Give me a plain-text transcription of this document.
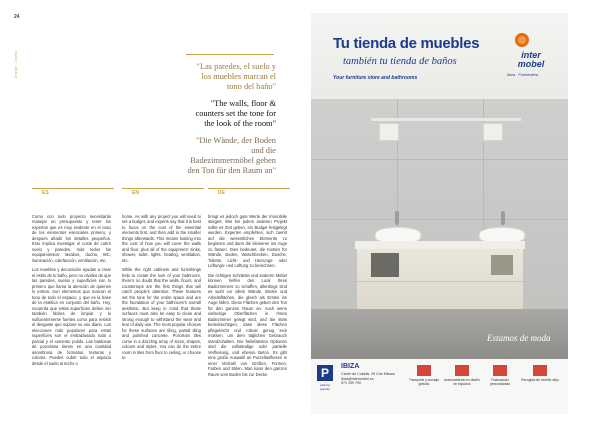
24
Design · Diseño	"Las paredes, el suelo y los muebles marcan el tono del baño"
"The walls, floor & counters set the tone for the look of the room"
"Die Wände, der Boden und die Badezimmermöbel geben den Ton für den Raum an"
ES	EN	DE

Como con todo proyecto necesitarás manejar un presupuesto y tener los expertos que es muy evidente en el caso de los elementos esenciales primero, y después añadir los detalles pequeños. Esto implica investigar el coste de cubrir suelo y paredes, más todos los equipamientos: lavabos, ducha, WC, iluminación, calefacción, ventilación, etc.

Los muebles y decoración ayudan a crear el estilo de tu baño, pero no olvides de que las paredes, suelos y superficies son lo primero que llama la atención de quienes lo entran. Son elementos que marcan el tono de todo el espacio, y que es la base de la estética en conjunto del baño. Hoy, recuerda que estas superficies deben ser también fáciles de limpiar y lo suficientemente fuertes como para resistir el desgaste que supone su uso diario. Los elecciones más populares para estas superficies son el embaldosado total o parcial y el cemento pulido. Las baldosas de porcelana tienen en una cantidad asombrosa de formatos, texturas y colores. Puedes cubrir todo el espacio desde el suelo al techo o

home. As with any project you will need to set a budget, and experts say that it is best to focus on the cost of the essential elements first, and then add in the smaller things afterwards. This means looking into the cost of how you will cover the walls and floor, plus all of the equipment: sinks, shower, toilet, lights, heating, ventilation, etc.

While the right cabinets and furnishings help to create the look of your bathroom, there's no doubt that the walls, floors, and countertops are the first things that will catch people's attention. These features set the tone for the entire space and are the foundation of your bathroom's overall aesthetic. But keep in mind that these surfaces must also be easy to clean and strong enough to withstand the wear and tear of daily use. The most popular choices for these surfaces are tiling, partial tiling and polished concrete. Porcelain tiles come in a dazzling array of sizes, shapes, colours and styles. You can do the entire room in tiles from floor to ceiling, or choose to

bringt es jedoch gute Werte der Immobilie steigert. Wie bei jedem anderen Projekt sollte es Zeit geben, ein Budget festgelegt werden. Experten empfehlen, sich zuerst auf die wesentlichen Elemente zu beginnen und dann die kleineren ins Auge zu fassen. Dies bedeutet, die Kosten für Wände, Boden, Waschbecken, Dusche, Toilette, Licht- und Heizungs- oder Lüftungs- und Lüftung zu berechnen.

Die richtigen Schränke und anderen Möbel können helfen den Look Ihres Badezimmers zu schaffen, allerdings sind es wohl vor allem Wände, Böden und Arbeitsflächen, die gleich als Erstes ins Auge fallen. Diese Flächen geben den Ton für den ganzen Raum an. Auch wenn vielseitige Oberflächen in Ihrem Badezimmer gelegt wird, und Sie stets berücksichtigen, dass diese Flächen pflegeleicht und robust genug sein müssen, um dem täglichen Gebrauch standzuhalten. Die beliebtesten Optionen sind die vollständige oder partielle Verfliesung, und ebenso Beton. Es gibt eine große Auswahl an Porzellanfliesen in einer Vielzahl von Größen, Formen, Farben und Stilen. Man kann den ganzen Raum vom Boden bis zur Decke

Tu tienda de muebles
también tu tienda de baños
Your furniture store and bathrooms
inter
mobel
Ibiza · Formentera
Estamos de moda
P
parking gratuito
IBIZA
Carrer de Cubells, 29 Can Misses
ibiza@intermobel.es
971 199 790
Transporte y montaje gratuito
Asesoramiento en diseño de espacios
Financiación personalizada
Recogida del mueble viejo
